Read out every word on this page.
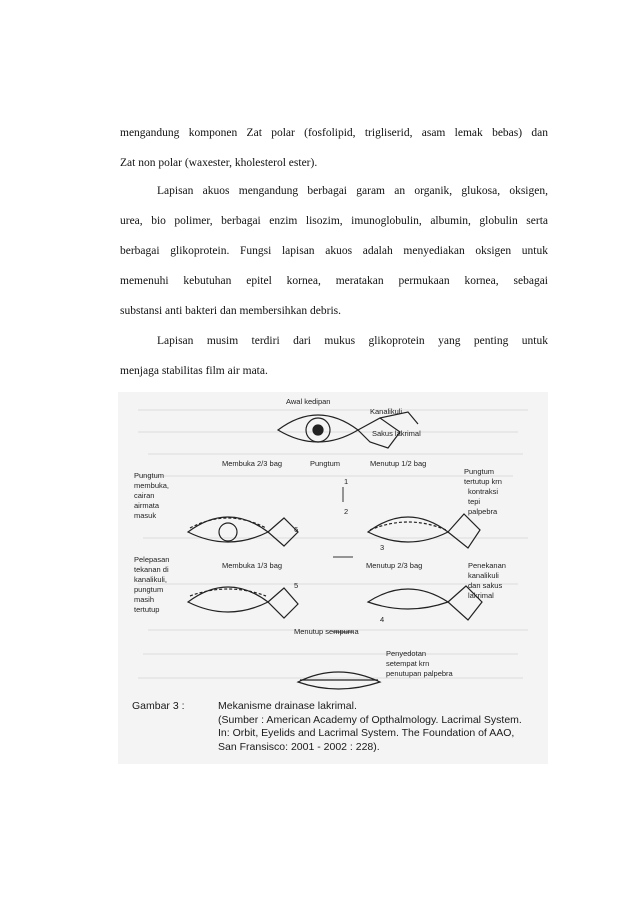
mengandung komponen Zat polar (fosfolipid, trigliserid, asam lemak bebas) dan
Zat non polar (waxester, kholesterol ester).
Lapisan akuos mengandung berbagai garam an organik, glukosa, oksigen,
urea, bio polimer, berbagai enzim lisozim, imunoglobulin, albumin, globulin serta
berbagai glikoprotein. Fungsi lapisan akuos adalah menyediakan oksigen untuk
memenuhi kebutuhan epitel kornea, meratakan permukaan kornea, sebagai
substansi anti bakteri dan membersihkan debris.
Lapisan musim terdiri dari mukus glikoprotein yang penting untuk
menjaga stabilitas film air mata.
Awal kedipan
Kanalikuli
Sakus lakrimal
Pungtum
Membuka 2/3 bag	Menutup 1/2 bag
Pungtum
membuka,
cairan
airmata
masuk
Pungtum
tertutup krn
kontraksi
tepi
palpebra
Membuka 1/3 bag	Menutup 2/3 bag
Pelepasan
tekanan di
kanalikuli,
pungtum
masih
tertutup
Penekanan
kanalikuli
dan sakus
lakrimal
Menutup sempurna
Penyedotan
setempat krn
penutupan palpebra
1
2
3
4
5
6
Gambar 3 :	Mekanisme drainase lakrimal.
(Sumber : American Academy of Opthalmology. Lacrimal System.
In: Orbit, Eyelids and Lacrimal System. The Foundation of AAO,
San Fransisco: 2001 - 2002 : 228).
